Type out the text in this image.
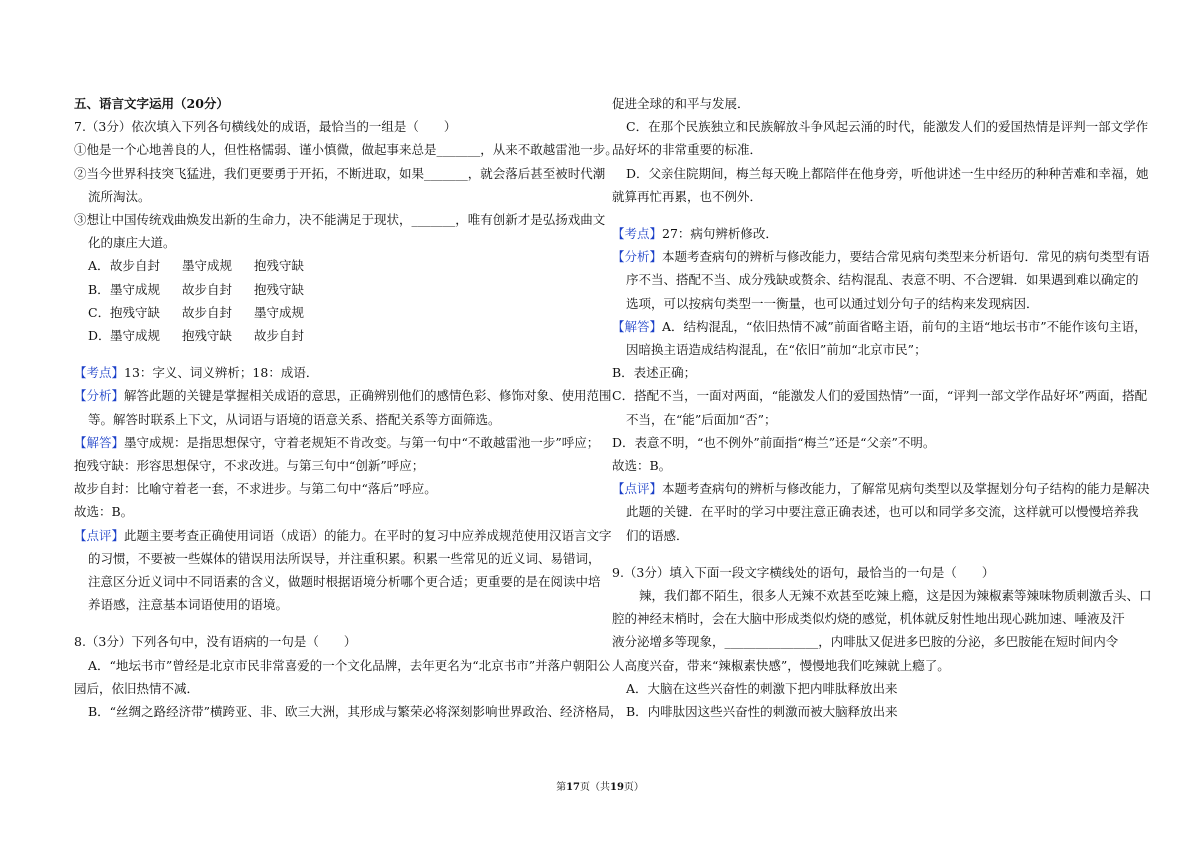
五、语言文字运用（20分）
7.（3分）依次填入下列各句横线处的成语，最恰当的一组是（　　）
①他是一个心地善良的人，但性格懦弱、谨小慎微，做起事来总是_______，从来不敢越雷池一步。
②当今世界科技突飞猛进，我们更要勇于开拓，不断进取，如果_______，就会落后甚至被时代潮
流所淘汰。
③想让中国传统戏曲焕发出新的生命力，决不能满足于现状，_______，唯有创新才是弘扬戏曲文
化的康庄大道。
A．故步自封 墨守成规 抱残守缺
B．墨守成规 故步自封 抱残守缺
C．抱残守缺 故步自封 墨守成规
D．墨守成规 抱残守缺 故步自封
【考点】13：字义、词义辨析；18：成语．
【分析】解答此题的关键是掌握相关成语的意思，正确辨别他们的感情色彩、修饰对象、使用范围
等。解答时联系上下文，从词语与语境的语意关系、搭配关系等方面筛选。
【解答】墨守成规：是指思想保守，守着老规矩不肯改变。与第一句中“不敢越雷池一步”呼应；
抱残守缺：形容思想保守，不求改进。与第三句中“创新”呼应；
故步自封：比喻守着老一套，不求进步。与第二句中“落后”呼应。
故选：B。
【点评】此题主要考查正确使用词语（成语）的能力。在平时的复习中应养成规范使用汉语言文字
的习惯，不要被一些媒体的错误用法所误导，并注重积累。积累一些常见的近义词、易错词，
注意区分近义词中不同语素的含义，做题时根据语境分析哪个更合适；更重要的是在阅读中培
养语感，注意基本词语使用的语境。
8.（3分）下列各句中，没有语病的一句是（　　）
A．“地坛书市”曾经是北京市民非常喜爱的一个文化品牌，去年更名为“北京书市”并落户朝阳公
园后，依旧热情不减．
B．“丝绸之路经济带”横跨亚、非、欧三大洲，其形成与繁荣必将深刻影响世界政治、经济格局，
促进全球的和平与发展．
C．在那个民族独立和民族解放斗争风起云涌的时代，能激发人们的爱国热情是评判一部文学作
品好坏的非常重要的标准．
D．父亲住院期间，梅兰每天晚上都陪伴在他身旁，听他讲述一生中经历的种种苦难和幸福，她
就算再忙再累，也不例外．
【考点】27：病句辨析修改．
【分析】本题考查病句的辨析与修改能力，要结合常见病句类型来分析语句．常见的病句类型有语
序不当、搭配不当、成分残缺或赘余、结构混乱、表意不明、不合逻辑．如果遇到难以确定的
选项，可以按病句类型一一衡量，也可以通过划分句子的结构来发现病因．
【解答】A．结构混乱，“依旧热情不减”前面省略主语，前句的主语“地坛书市”不能作该句主语，
因暗换主语造成结构混乱，在“依旧”前加“北京市民”；
B．表述正确；
C．搭配不当，一面对两面，“能激发人们的爱国热情”一面，“评判一部文学作品好坏”两面，搭配
不当，在“能”后面加“否”；
D．表意不明，“也不例外”前面指“梅兰”还是“父亲”不明。
故选：B。
【点评】本题考查病句的辨析与修改能力，了解常见病句类型以及掌握划分句子结构的能力是解决
此题的关键．在平时的学习中要注意正确表述，也可以和同学多交流，这样就可以慢慢培养我
们的语感．
9.（3分）填入下面一段文字横线处的语句，最恰当的一句是（　　）
辣，我们都不陌生，很多人无辣不欢甚至吃辣上瘾，这是因为辣椒素等辣味物质刺激舌头、口
腔的神经末梢时，会在大脑中形成类似灼烧的感觉，机体就反射性地出现心跳加速、唾液及汗
液分泌增多等现象，_______________，内啡肽又促进多巴胺的分泌，多巴胺能在短时间内令
人高度兴奋，带来“辣椒素快感”，慢慢地我们吃辣就上瘾了。
A．大脑在这些兴奋性的刺激下把内啡肽释放出来
B．内啡肽因这些兴奋性的刺激而被大脑释放出来
第17页（共19页）
